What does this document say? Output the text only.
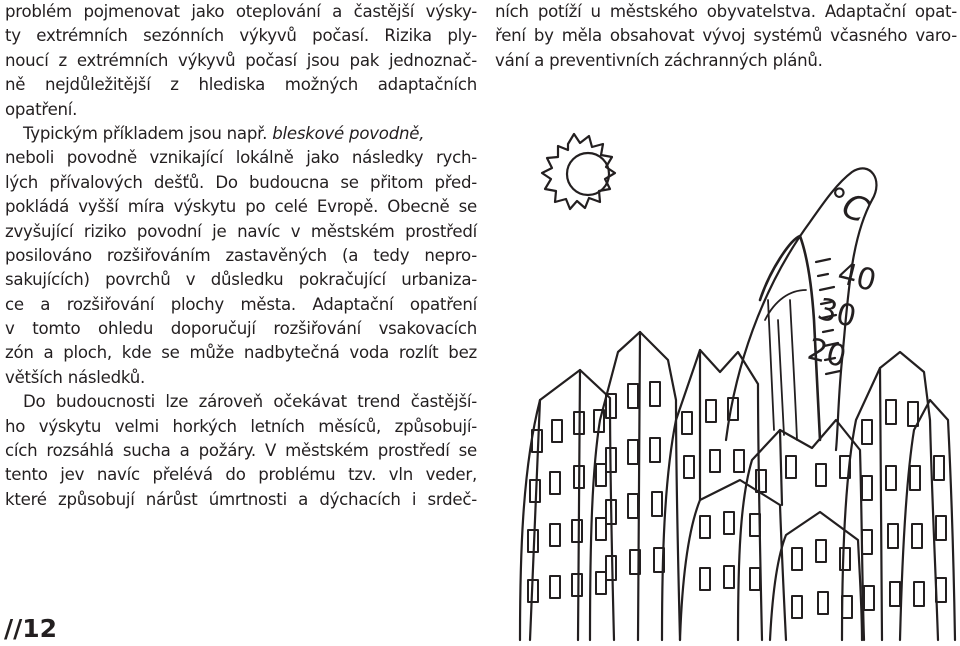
problém pojmenovat jako oteplování a častější výsky-
ty extrémních sezónních výkyvů počasí. Rizika ply-
noucí z extrémních výkyvů počasí jsou pak jednoznač-
ně nejdůležitější z hlediska možných adaptačních
opatření.
Typickým příkladem jsou např. bleskové povodně,
neboli povodně vznikající lokálně jako následky rych-
lých přívalových dešťů. Do budoucna se přitom před-
pokládá vyšší míra výskytu po celé Evropě. Obecně se
zvyšující riziko povodní je navíc v městském prostředí
posilováno rozšiřováním zastavěných (a tedy nepro-
sakujících) povrchů v důsledku pokračující urbaniza-
ce a rozšiřování plochy města. Adaptační opatření
v tomto ohledu doporučují rozšiřování vsakovacích
zón a ploch, kde se může nadbytečná voda rozlít bez
větších následků.
Do budoucnosti lze zároveň očekávat trend častější-
ho výskytu velmi horkých letních měsíců, způsobují-
cích rozsáhlá sucha a požáry. V městském prostředí se
tento jev navíc přelévá do problému tzv. vln veder,
které způsobují nárůst úmrtnosti a dýchacích i srdeč-
ních potíží u městského obyvatelstva. Adaptační opat-
ření by měla obsahovat vývoj systémů včasného varo-
vání a preventivních záchranných plánů.
°C
40
30
20
//12
